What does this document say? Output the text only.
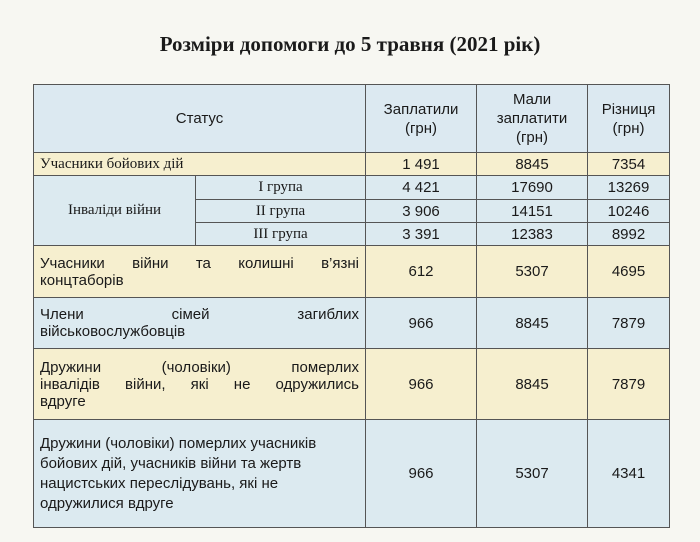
Розміри допомоги до 5 травня (2021 рік)
Статус		Заплатили (грн)	Мали заплатити (грн)	Різниця (грн)
Учасники бойових дій		1 491	8845	7354
Інваліди війни	І група	4 421	17690	13269
	ІІ група	3 906	14151	10246
	ІІІ група	3 391	12383	8992

Учасники війни та колишні в’язні
концтаборів		612	5307	4695

Члени сімей загиблих
військовослужбовців		966	8845	7879

Дружини (чоловіки) померлих
інвалідів війни, які не одружились
вдруге		966	8845	7879
Дружини (чоловіки) померлих учасників бойових дій, учасників війни та жертв нацистських переслідувань, які не одружилися вдруге		966	5307	4341
